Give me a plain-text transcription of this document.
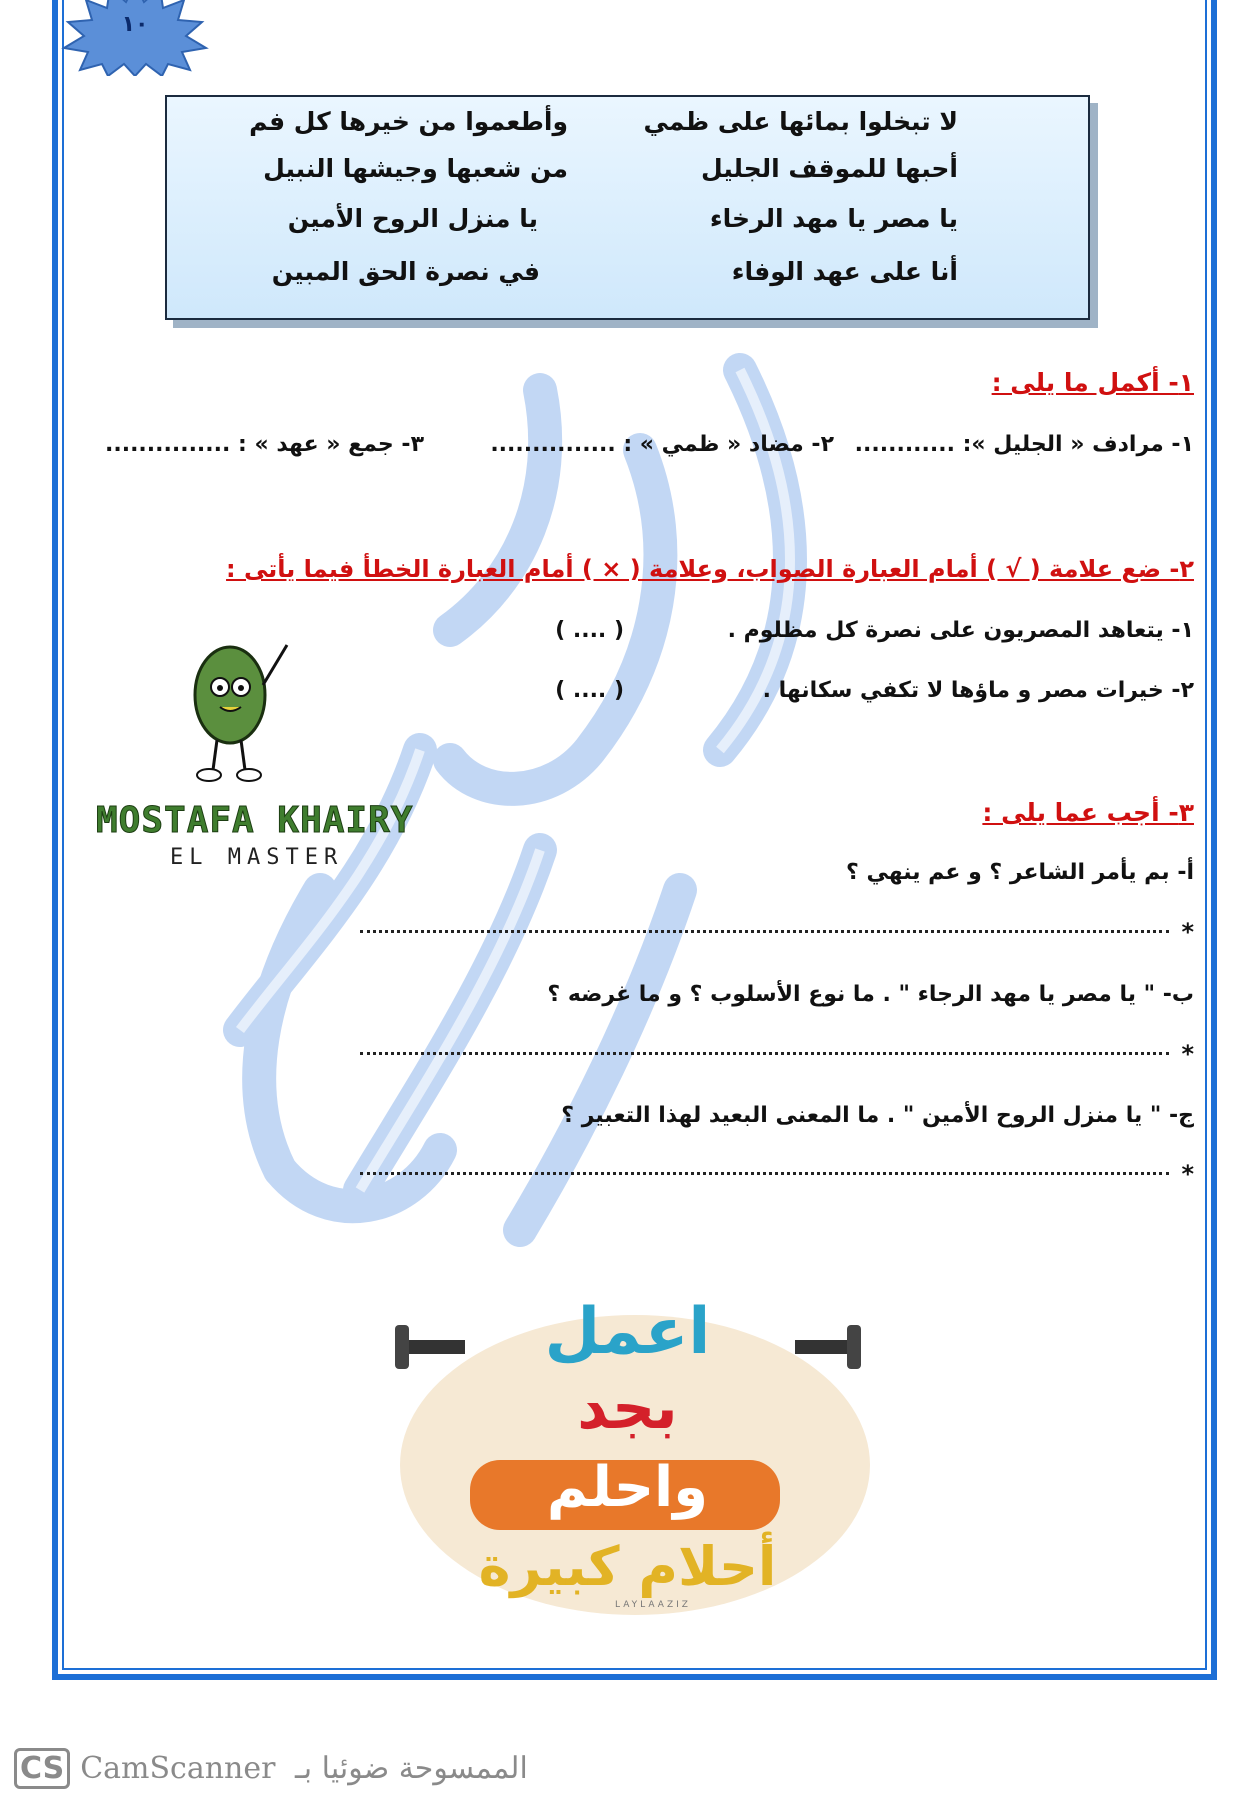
١٠
لا تبخلوا بمائها على ظمي
وأطعموا من خيرها كل فم
أحبها للموقف الجليل
من شعبها وجيشها النبيل
يا مصر يا مهد الرخاء
يا منزل الروح الأمين
أنا على عهد الوفاء
في نصرة الحق المبين
١- أكمل ما يلى :
١- مرادف « الجليل »: ............
٢- مضاد « ظمي » : ...............
٣- جمع « عهد » : ...............
٢- ضع علامة ( √ ) أمام العبارة الصواب، وعلامة ( × ) أمام العبارة الخطأ فيما يأتى :
١- يتعاهد المصريون على نصرة كل مظلوم .
( .... )
٢- خيرات مصر و ماؤها لا تكفي سكانها .
( .... )
MOSTAFA KHAIRY
EL MASTER
٣- أجب عما يلى :
أ- بم يأمر الشاعر ؟ و عم ينهي ؟
*
ب- " يا مصر يا مهد الرجاء " . ما نوع الأسلوب ؟ و ما غرضه ؟
*
ج- " يا منزل الروح الأمين " . ما المعنى البعيد لهذا التعبير ؟
*
اعمل
بجد
واحلم
أحلام كبيرة
LAYLAAZIZ
CS CamScanner الممسوحة ضوئيا بـ
